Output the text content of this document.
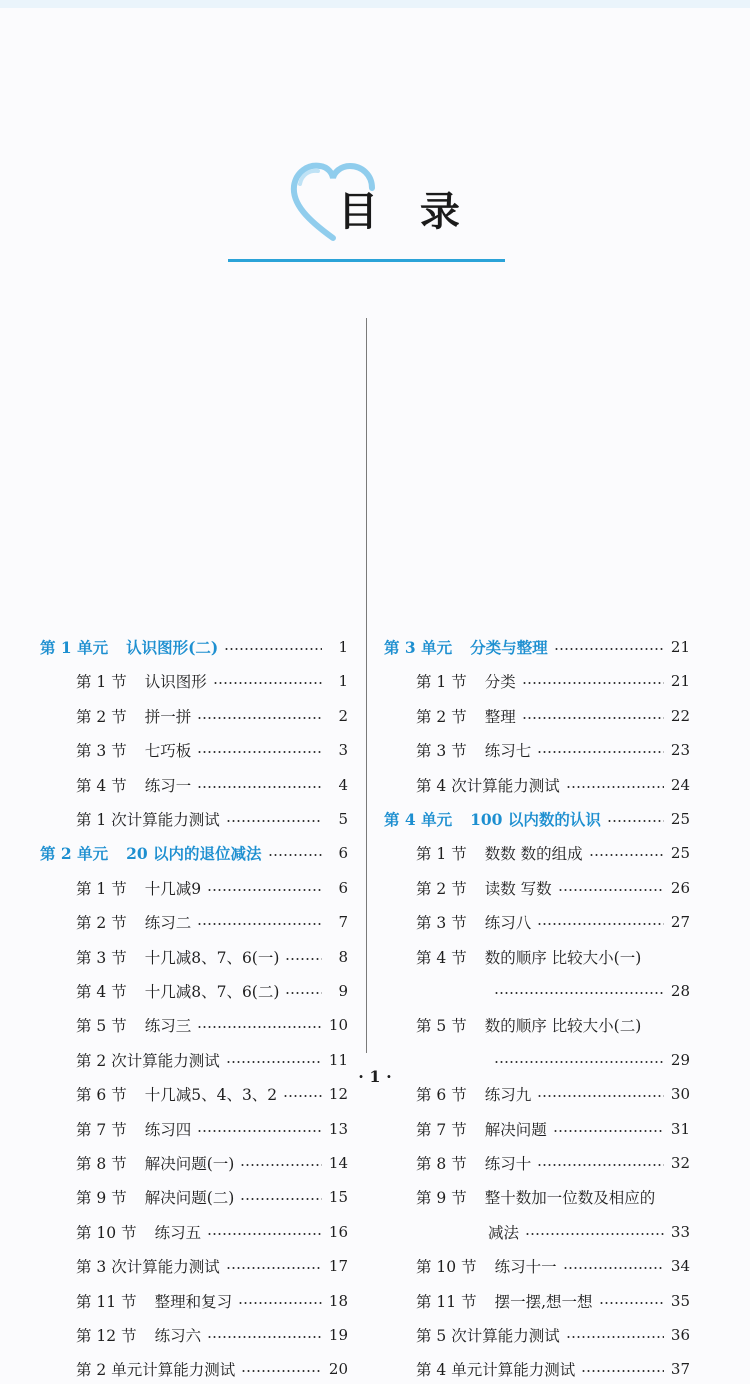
目 录
第 1 单元 认识图形(二)	1
第 1 节 认识图形	1
第 2 节 拼一拼	2
第 3 节 七巧板	3
第 4 节 练习一	4
第 1 次计算能力测试	5
第 2 单元 20 以内的退位减法	6
第 1 节 十几减9	6
第 2 节 练习二	7
第 3 节 十几减8、7、6(一)	8
第 4 节 十几减8、7、6(二)	9
第 5 节 练习三	10
第 2 次计算能力测试	11
第 6 节 十几减5、4、3、2	12
第 7 节 练习四	13
第 8 节 解决问题(一)	14
第 9 节 解决问题(二)	15
第 10 节 练习五	16
第 3 次计算能力测试	17
第 11 节 整理和复习	18
第 12 节 练习六	19
第 2 单元计算能力测试	20
第 3 单元 分类与整理	21
第 1 节 分类	21
第 2 节 整理	22
第 3 节 练习七	23
第 4 次计算能力测试	24
第 4 单元 100 以内数的认识	25
第 1 节 数数 数的组成	25
第 2 节 读数 写数	26
第 3 节 练习八	27
第 4 节 数的顺序 比较大小(一)
28
第 5 节 数的顺序 比较大小(二)
29
第 6 节 练习九	30
第 7 节 解决问题	31
第 8 节 练习十	32
第 9 节 整十数加一位数及相应的
减法	33
第 10 节 练习十一	34
第 11 节 摆一摆,想一想	35
第 5 次计算能力测试	36
第 4 单元计算能力测试	37
· 1 ·
